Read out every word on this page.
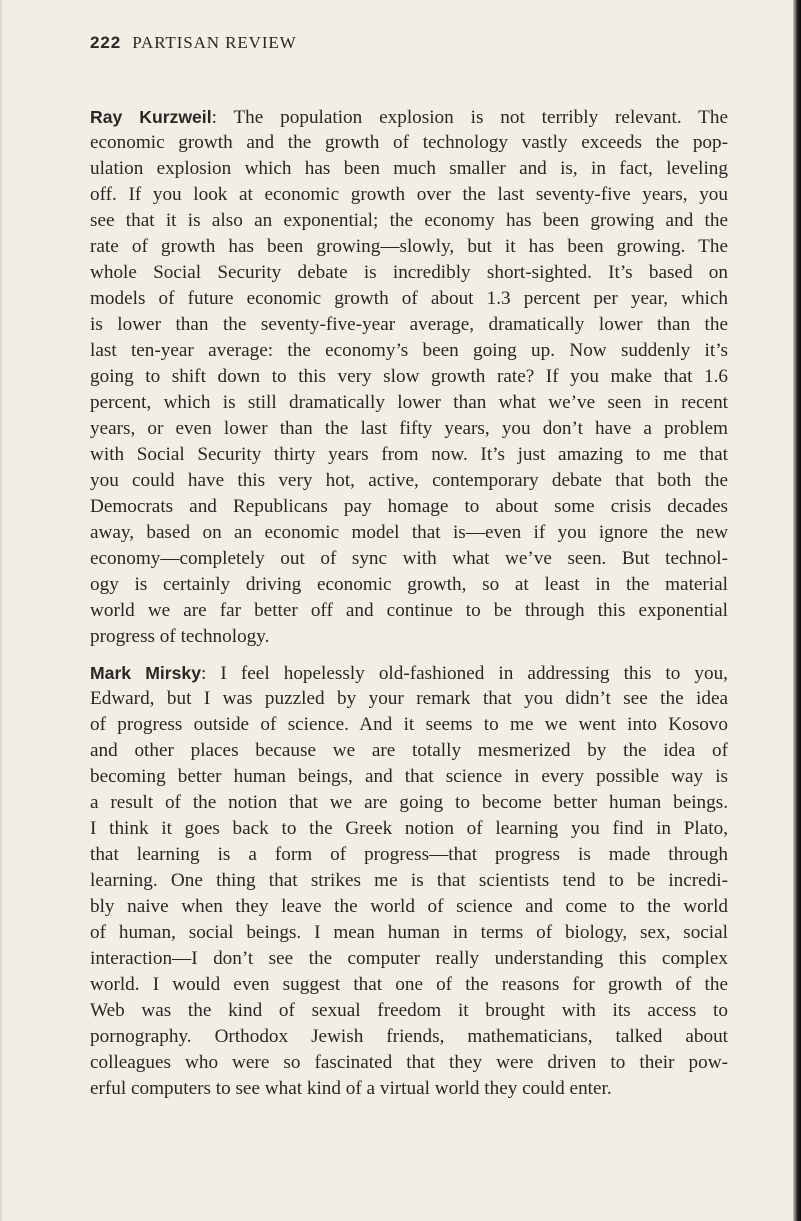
222 PARTISAN REVIEW
Ray Kurzweil: The population explosion is not terribly relevant. The
economic growth and the growth of technology vastly exceeds the pop-
ulation explosion which has been much smaller and is, in fact, leveling
off. If you look at economic growth over the last seventy-five years, you
see that it is also an exponential; the economy has been growing and the
rate of growth has been growing—slowly, but it has been growing. The
whole Social Security debate is incredibly short-sighted. It’s based on
models of future economic growth of about 1.3 percent per year, which
is lower than the seventy-five-year average, dramatically lower than the
last ten-year average: the economy’s been going up. Now suddenly it’s
going to shift down to this very slow growth rate? If you make that 1.6
percent, which is still dramatically lower than what we’ve seen in recent
years, or even lower than the last fifty years, you don’t have a problem
with Social Security thirty years from now. It’s just amazing to me that
you could have this very hot, active, contemporary debate that both the
Democrats and Republicans pay homage to about some crisis decades
away, based on an economic model that is—even if you ignore the new
economy—completely out of sync with what we’ve seen. But technol-
ogy is certainly driving economic growth, so at least in the material
world we are far better off and continue to be through this exponential
progress of technology.
Mark Mirsky: I feel hopelessly old-fashioned in addressing this to you,
Edward, but I was puzzled by your remark that you didn’t see the idea
of progress outside of science. And it seems to me we went into Kosovo
and other places because we are totally mesmerized by the idea of
becoming better human beings, and that science in every possible way is
a result of the notion that we are going to become better human beings.
I think it goes back to the Greek notion of learning you find in Plato,
that learning is a form of progress—that progress is made through
learning. One thing that strikes me is that scientists tend to be incredi-
bly naive when they leave the world of science and come to the world
of human, social beings. I mean human in terms of biology, sex, social
interaction—I don’t see the computer really understanding this complex
world. I would even suggest that one of the reasons for growth of the
Web was the kind of sexual freedom it brought with its access to
pornography. Orthodox Jewish friends, mathematicians, talked about
colleagues who were so fascinated that they were driven to their pow-
erful computers to see what kind of a virtual world they could enter.
